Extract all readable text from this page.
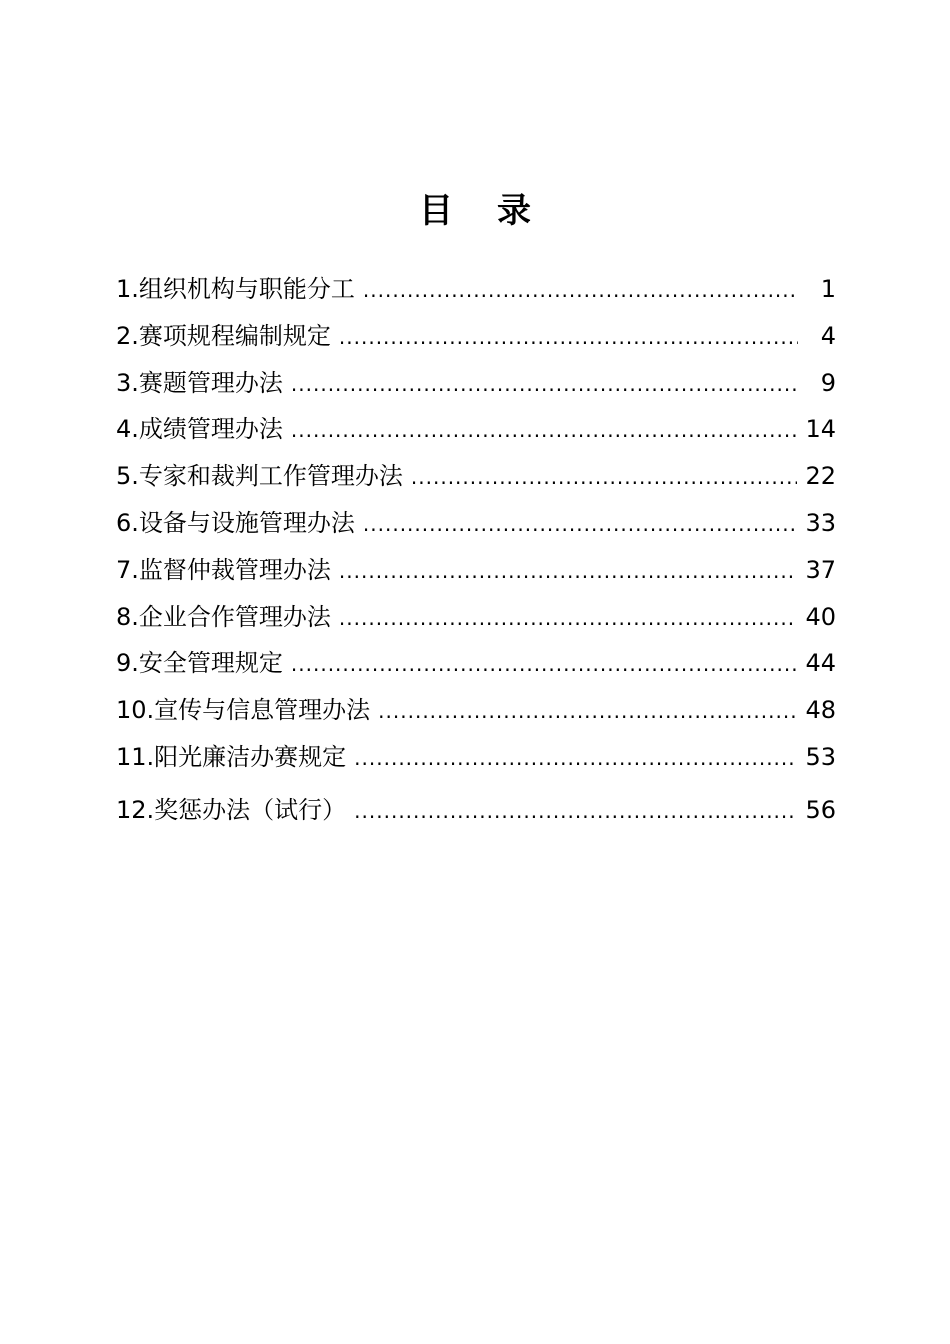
目 录
1.组织机构与职能分工 .....	1
2.赛项规程编制规定 .....	4
3.赛题管理办法 .....	9
4.成绩管理办法 .....	14
5.专家和裁判工作管理办法 .....	22
6.设备与设施管理办法 .....	33
7.监督仲裁管理办法 .....	37
8.企业合作管理办法 .....	40
9.安全管理规定 .....	44
10.宣传与信息管理办法 .....	48
11.阳光廉洁办赛规定 .....	53
12.奖惩办法（试行） .....	56
